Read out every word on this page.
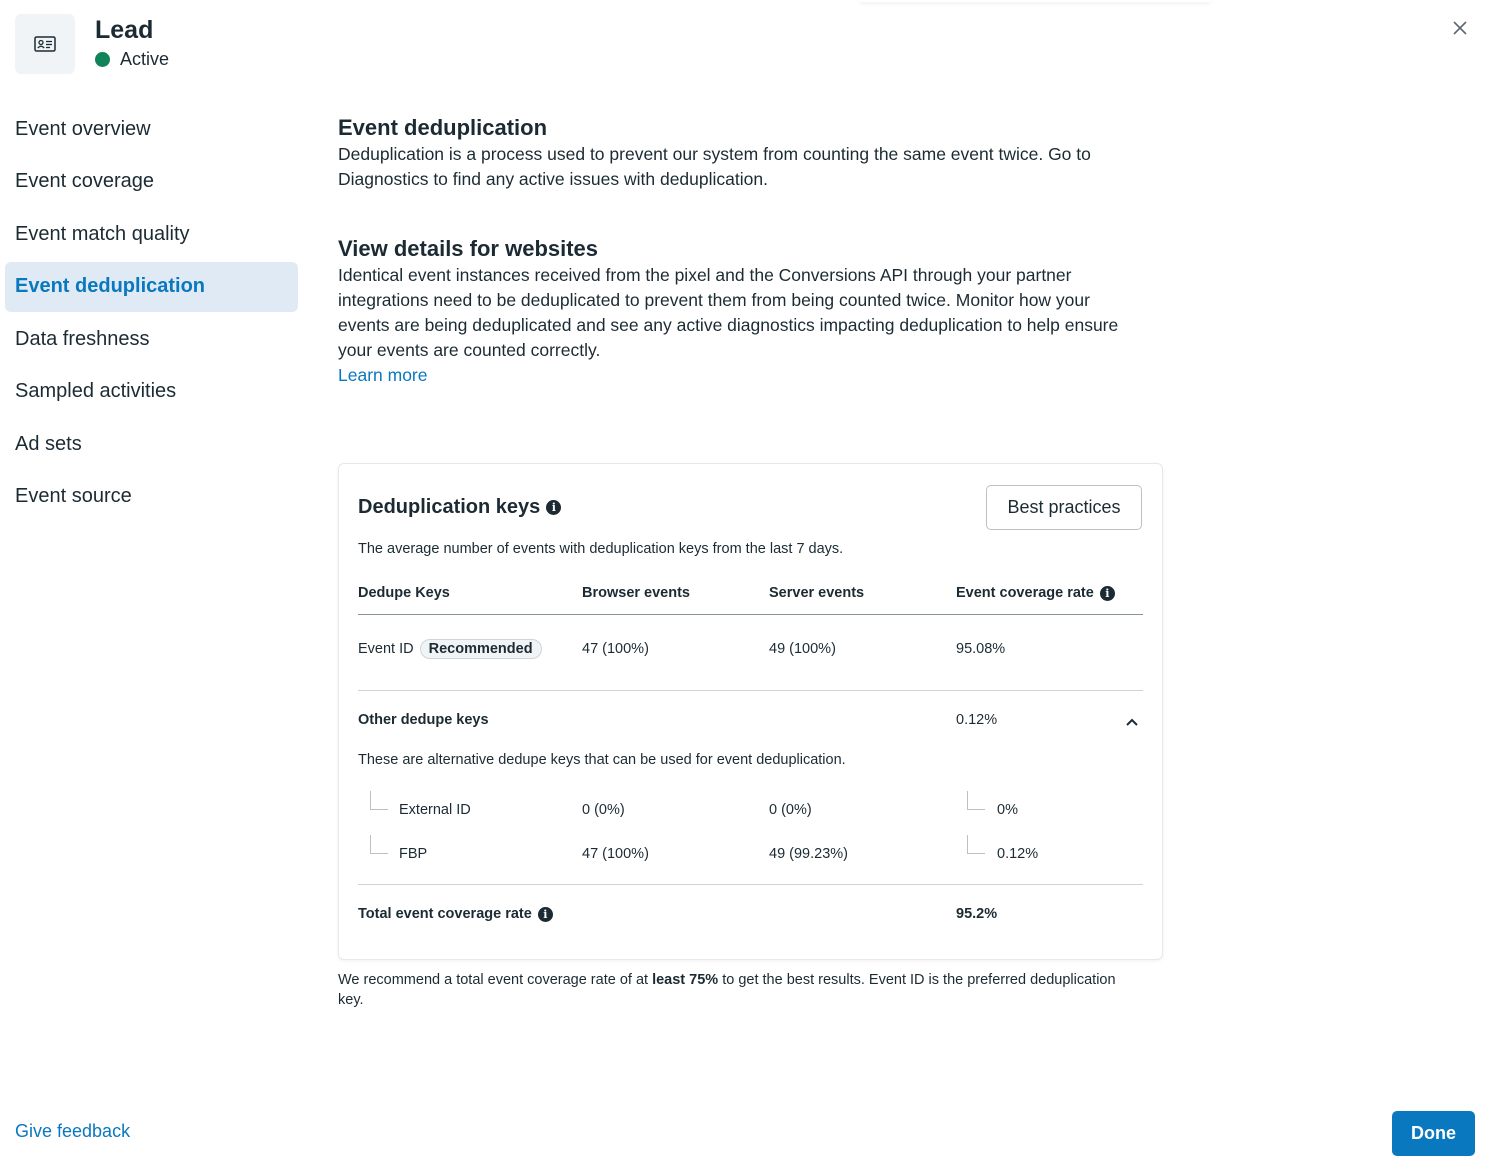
Lead
Active
Event overview
Event coverage
Event match quality
Event deduplication
Data freshness
Sampled activities
Ad sets
Event source
Event deduplication
Deduplication is a process used to prevent our system from counting the same event twice. Go to Diagnostics to find any active issues with deduplication.
View details for websites
Identical event instances received from the pixel and the Conversions API through your partner integrations need to be deduplicated to prevent them from being counted twice. Monitor how your events are being deduplicated and see any active diagnostics impacting deduplication to help ensure your events are counted correctly.
Learn more
Deduplication keys	i	Best practices
The average number of events with deduplication keys from the last 7 days.
Dedupe Keys	Browser events	Server events	Event coverage rate	i
Event ID	Recommended	47 (100%)	49 (100%)	95.08%
Other dedupe keys	0.12%
These are alternative dedupe keys that can be used for event deduplication.
External ID	0 (0%)	0 (0%)	0%
FBP	47 (100%)	49 (99.23%)	0.12%
Total event coverage rate	i	95.2%
We recommend a total event coverage rate of at least 75% to get the best results. Event ID is the preferred deduplication key.
Give feedback	Done
